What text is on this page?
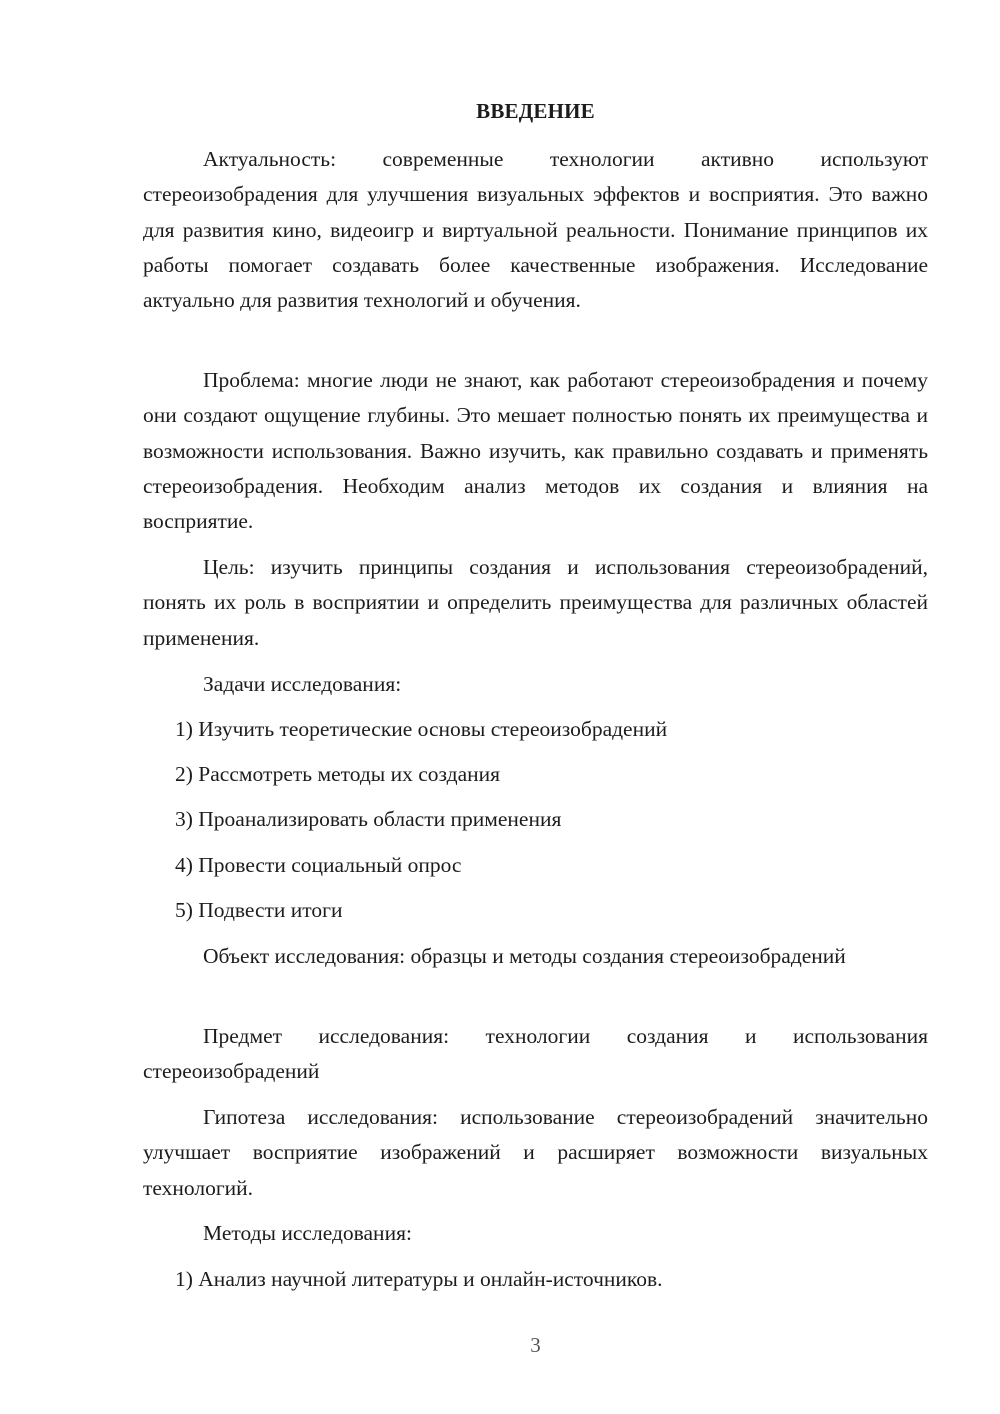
ВВЕДЕНИЕ

Актуальность: современные технологии активно используют стереоизобрадения для улучшения визуальных эффектов и восприятия. Это важно для развития кино, видеоигр и виртуальной реальности. Понимание принципов их работы помогает создавать более качественные изображения. Исследование актуально для развития технологий и обучения.

Проблема: многие люди не знают, как работают стереоизобрадения и почему они создают ощущение глубины. Это мешает полностью понять их преимущества и возможности использования. Важно изучить, как правильно создавать и применять стереоизобрадения. Необходим анализ методов их создания и влияния на восприятие.

Цель: изучить принципы создания и использования стереоизобрадений, понять их роль в восприятии и определить преимущества для различных областей применения.

Задачи исследования:
1) Изучить теоретические основы стереоизобрадений
2) Рассмотреть методы их создания
3) Проанализировать области применения
4) Провести социальный опрос
5) Подвести итоги

Объект исследования: образцы и методы создания стереоизобрадений

Предмет исследования: технологии создания и использования стереоизобрадений

Гипотеза исследования: использование стереоизобрадений значительно улучшает восприятие изображений и расширяет возможности визуальных технологий.

Методы исследования:
1) Анализ научной литературы и онлайн-источников.
3
